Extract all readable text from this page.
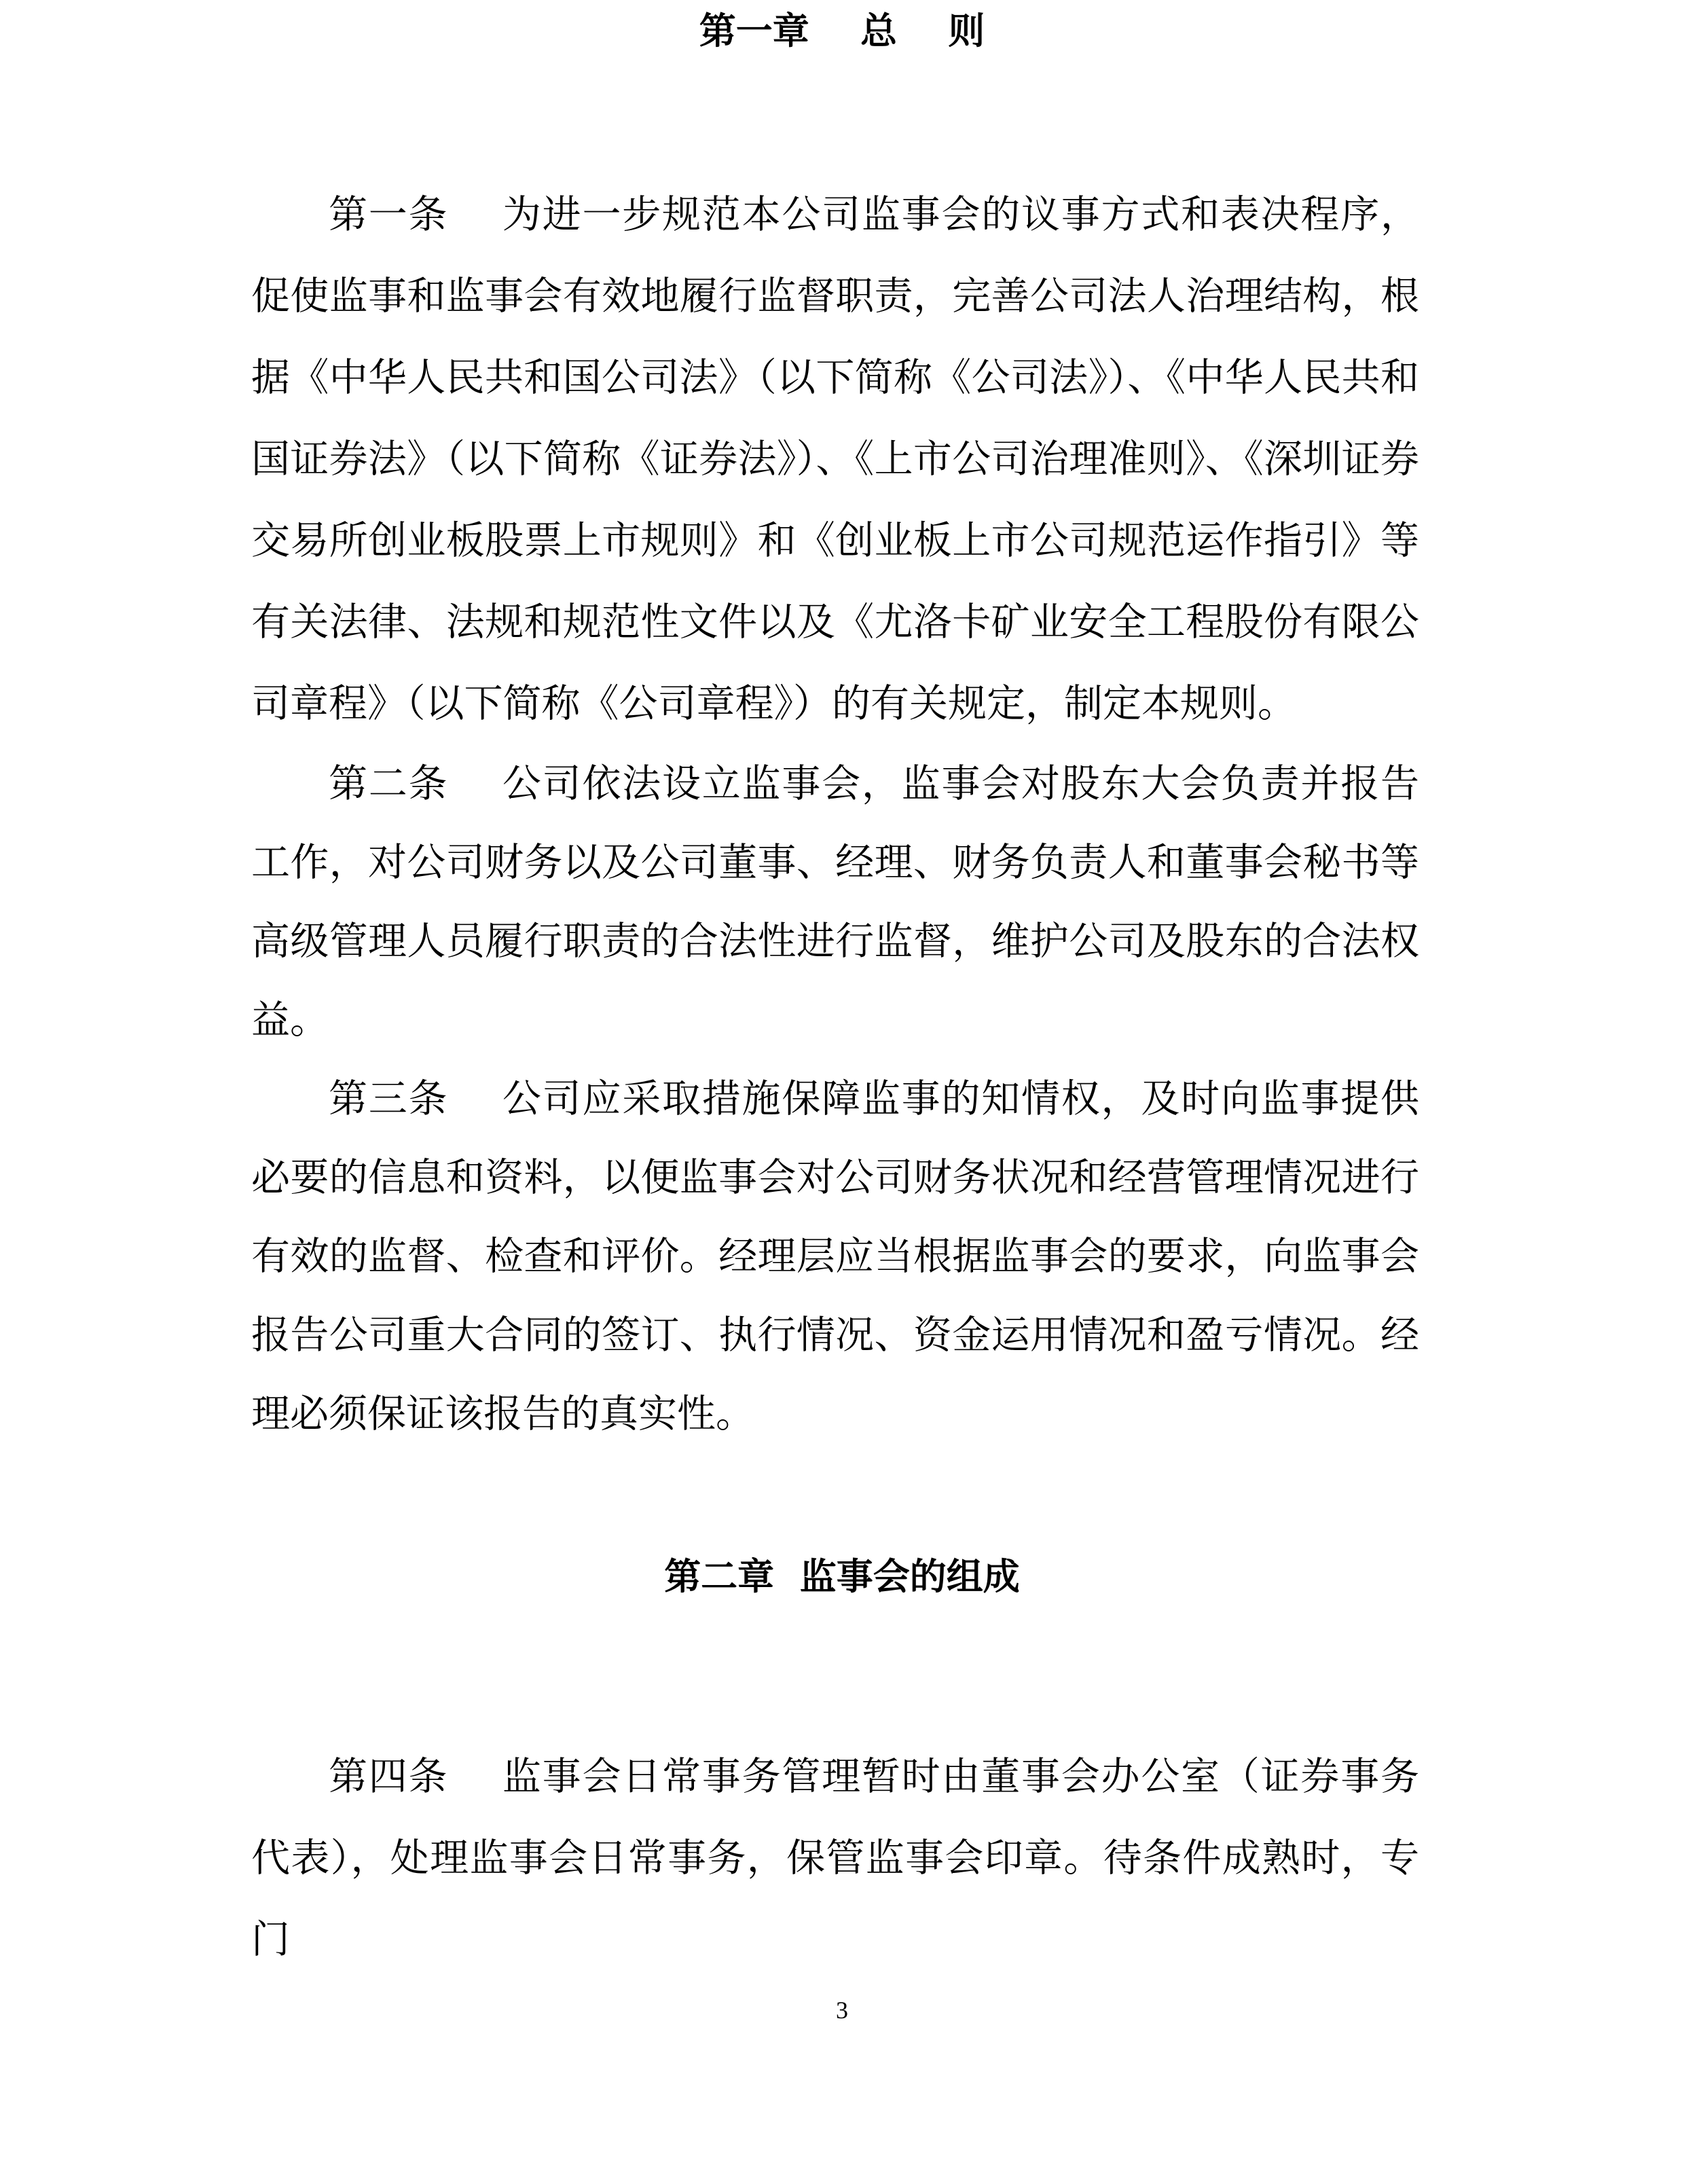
第一章    总    则

第一条    为进一步规范本公司监事会的议事方式和表决程序，促使监事和监事会有效地履行监督职责，完善公司法人治理结构，根据《中华人民共和国公司法》（以下简称《公司法》）、《中华人民共和国证券法》（以下简称《证券法》）、《上市公司治理准则》、《深圳证券交易所创业板股票上市规则》和《创业板上市公司规范运作指引》等有关法律、法规和规范性文件以及《尤洛卡矿业安全工程股份有限公司章程》（以下简称《公司章程》）的有关规定，制定本规则。

第二条    公司依法设立监事会，监事会对股东大会负责并报告工作，对公司财务以及公司董事、经理、财务负责人和董事会秘书等高级管理人员履行职责的合法性进行监督，维护公司及股东的合法权益。

第三条    公司应采取措施保障监事的知情权，及时向监事提供必要的信息和资料，以便监事会对公司财务状况和经营管理情况进行有效的监督、检查和评价。经理层应当根据监事会的要求，向监事会报告公司重大合同的签订、执行情况、资金运用情况和盈亏情况。经理必须保证该报告的真实性。

第二章  监事会的组成

第四条    监事会日常事务管理暂时由董事会办公室（证券事务代表），处理监事会日常事务，保管监事会印章。待条件成熟时，专门

3
